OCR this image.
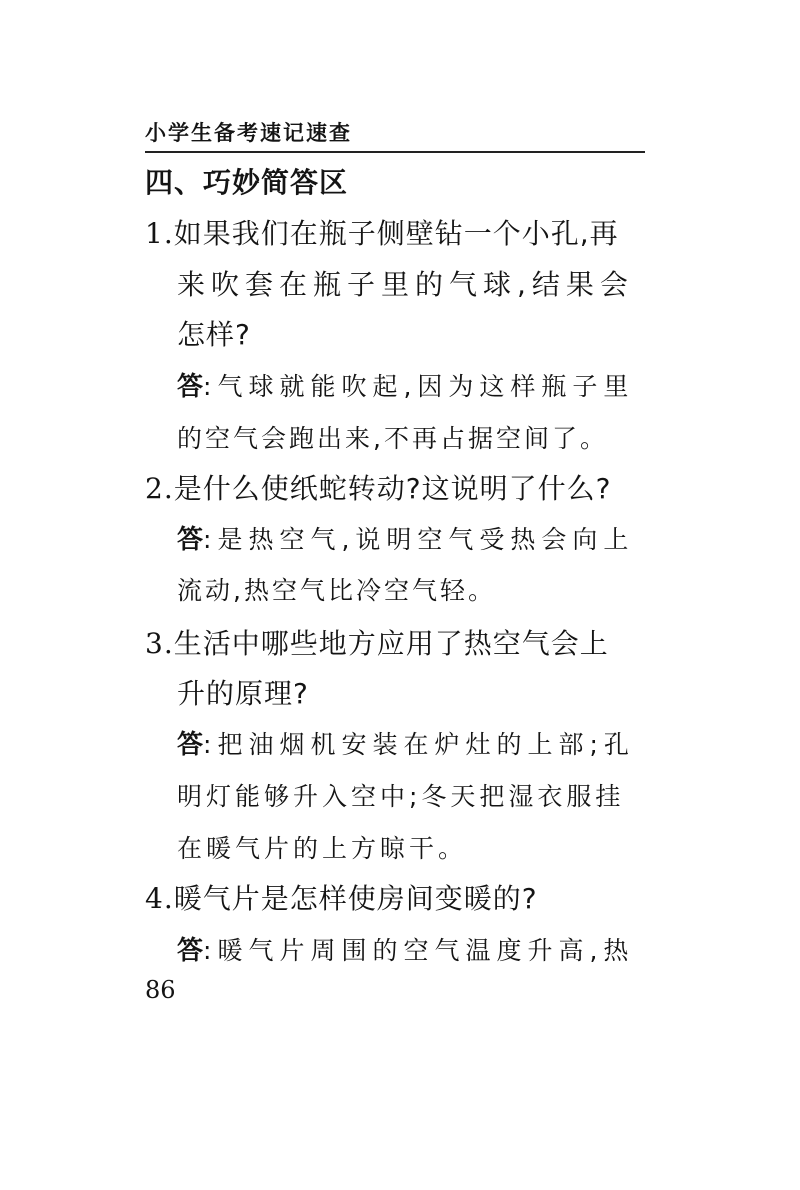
小学生备考速记速查
四、巧妙简答区
1.如果我们在瓶子侧壁钻一个小孔,再
来吹套在瓶子里的气球,结果会
怎样?
答:气球就能吹起,因为这样瓶子里
的空气会跑出来,不再占据空间了。
2.是什么使纸蛇转动?这说明了什么?
答:是热空气,说明空气受热会向上
流动,热空气比冷空气轻。
3.生活中哪些地方应用了热空气会上
升的原理?
答:把油烟机安装在炉灶的上部;孔
明灯能够升入空中;冬天把湿衣服挂
在暖气片的上方晾干。
4.暖气片是怎样使房间变暖的?
答:暖气片周围的空气温度升高,热
86
